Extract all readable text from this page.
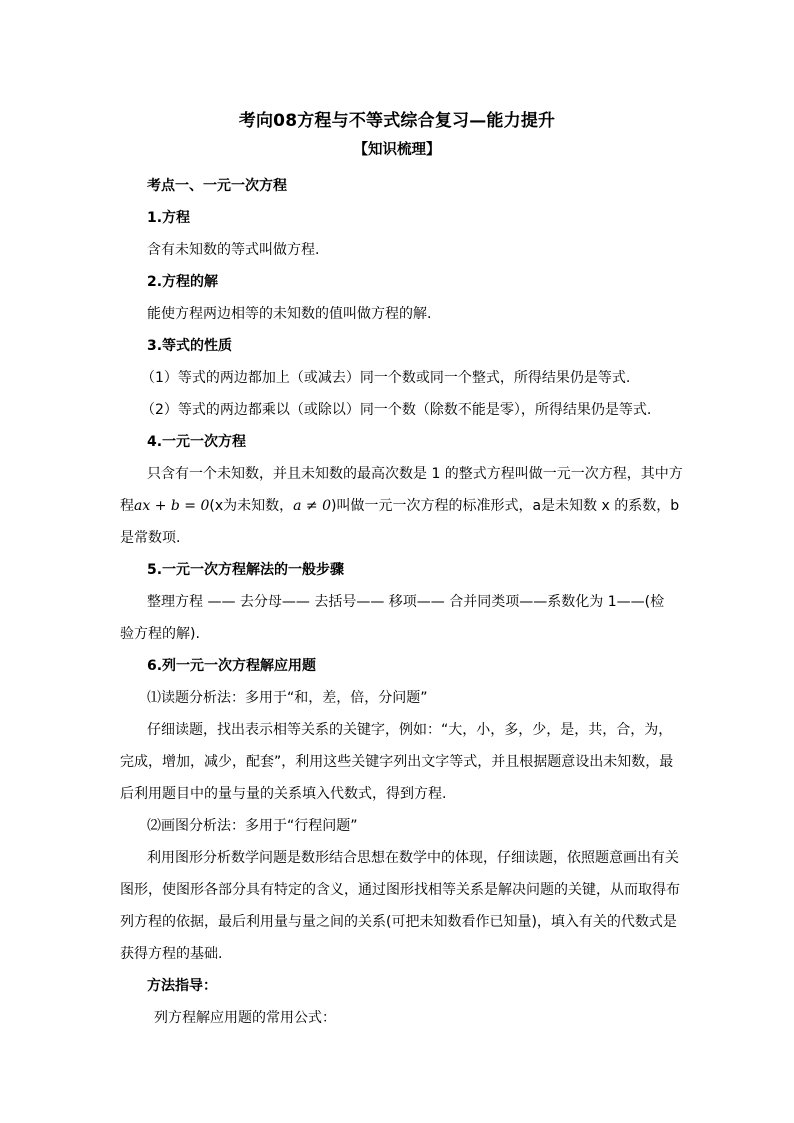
考向08方程与不等式综合复习—能力提升
【知识梳理】
考点一、一元一次方程
1.方程
含有未知数的等式叫做方程.
2.方程的解
能使方程两边相等的未知数的值叫做方程的解.
3.等式的性质
（1）等式的两边都加上（或减去）同一个数或同一个整式，所得结果仍是等式.
（2）等式的两边都乘以（或除以）同一个数（除数不能是零），所得结果仍是等式.
4.一元一次方程
只含有一个未知数，并且未知数的最高次数是 1 的整式方程叫做一元一次方程，其中方
程ax + b = 0(x为未知数，a ≠ 0)叫做一元一次方程的标准形式，a是未知数 x 的系数，b
是常数项.
5.一元一次方程解法的一般步骤
整理方程 —— 去分母—— 去括号—— 移项—— 合并同类项——系数化为 1——(检
验方程的解).
6.列一元一次方程解应用题
⑴读题分析法：多用于“和，差，倍，分问题”
仔细读题，找出表示相等关系的关键字，例如：“大，小，多，少，是，共，合，为，
完成，增加，减少，配套”，利用这些关键字列出文字等式，并且根据题意设出未知数，最
后利用题目中的量与量的关系填入代数式，得到方程.
⑵画图分析法：多用于“行程问题”
利用图形分析数学问题是数形结合思想在数学中的体现，仔细读题，依照题意画出有关
图形，使图形各部分具有特定的含义，通过图形找相等关系是解决问题的关键，从而取得布
列方程的依据，最后利用量与量之间的关系(可把未知数看作已知量)，填入有关的代数式是
获得方程的基础.
方法指导：
列方程解应用题的常用公式：
